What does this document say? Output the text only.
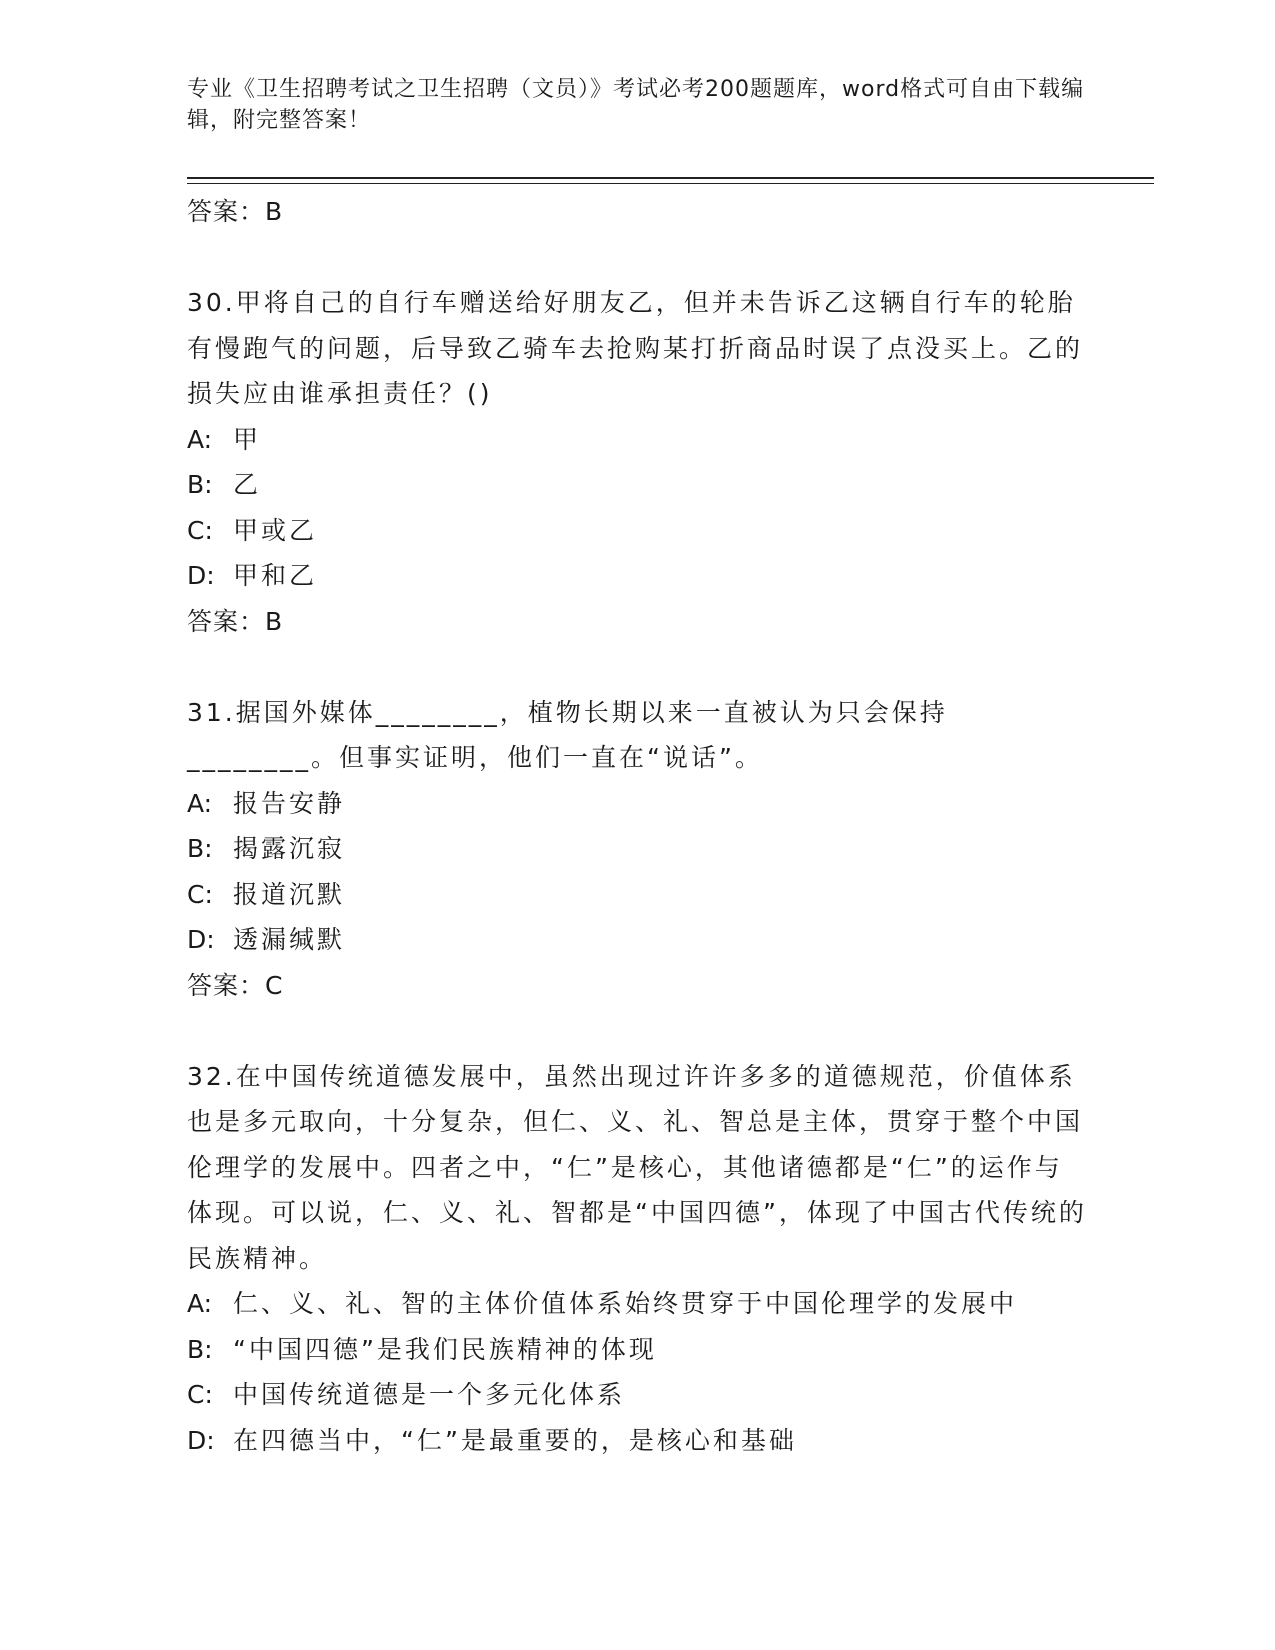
专业《卫生招聘考试之卫生招聘（文员）》考试必考200题题库，word格式可自由下载编辑，附完整答案！
答案：B
30.甲将自己的自行车赠送给好朋友乙，但并未告诉乙这辆自行车的轮胎有慢跑气的问题，后导致乙骑车去抢购某打折商品时误了点没买上。乙的损失应由谁承担责任？()
A: 甲
B: 乙
C: 甲或乙
D: 甲和乙
答案：B
31.据国外媒体________，植物长期以来一直被认为只会保持________。但事实证明，他们一直在“说话”。
A: 报告安静
B: 揭露沉寂
C: 报道沉默
D: 透漏缄默
答案：C
32.在中国传统道德发展中，虽然出现过许许多多的道德规范，价值体系也是多元取向，十分复杂，但仁、义、礼、智总是主体，贯穿于整个中国伦理学的发展中。四者之中，“仁”是核心，其他诸德都是“仁”的运作与体现。可以说，仁、义、礼、智都是“中国四德”，体现了中国古代传统的民族精神。
A: 仁、义、礼、智的主体价值体系始终贯穿于中国伦理学的发展中
B: “中国四德”是我们民族精神的体现
C: 中国传统道德是一个多元化体系
D: 在四德当中，“仁”是最重要的，是核心和基础
